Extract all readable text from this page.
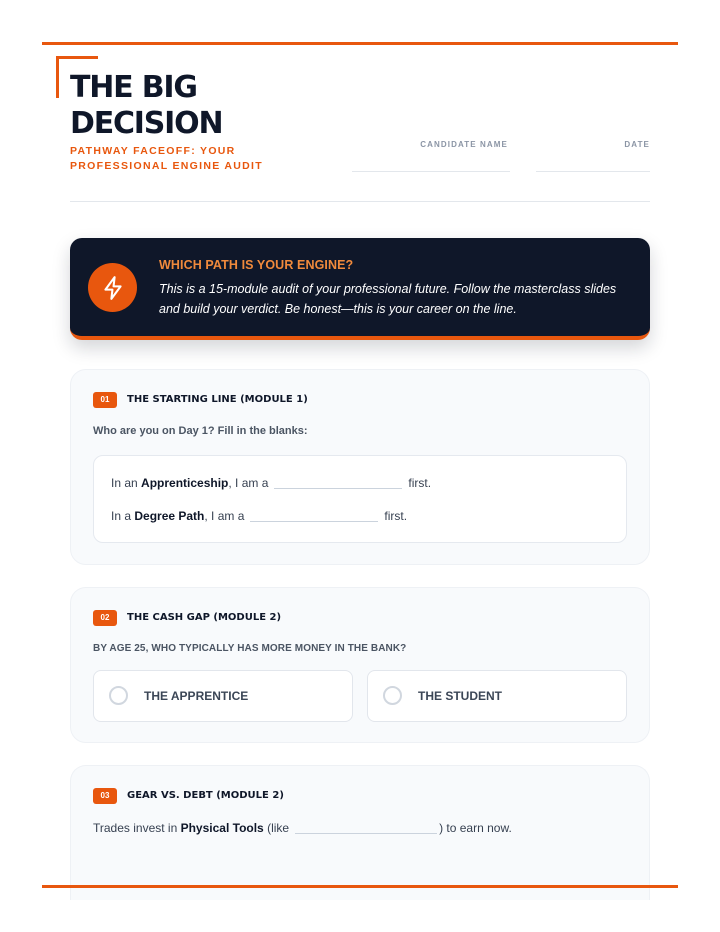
THE BIG
DECISION

PATHWAY FACEOFF: YOUR PROFESSIONAL ENGINE AUDIT

CANDIDATE NAME	DATE
WHICH PATH IS YOUR ENGINE?

This is a 15-module audit of your professional future. Follow the masterclass slides and build your verdict. Be honest—this is your career on the line.

01	THE STARTING LINE (MODULE 1)
Who are you on Day 1? Fill in the blanks:
In an Apprenticeship, I am a	first.
In a Degree Path, I am a	first.
02	THE CASH GAP (MODULE 2)
BY AGE 25, WHO TYPICALLY HAS MORE MONEY IN THE BANK?
THE APPRENTICE	THE STUDENT
03	GEAR VS. DEBT (MODULE 2)
Trades invest in Physical Tools (like	) to earn now.
